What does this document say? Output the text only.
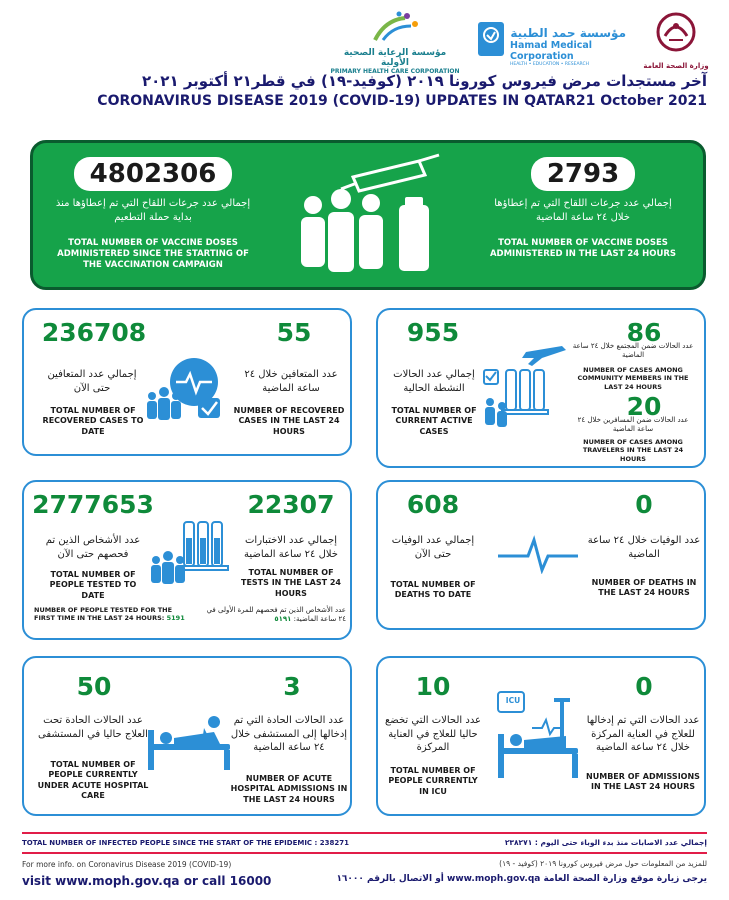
مؤسسة الرعاية الصحية الأولية
PRIMARY HEALTH CARE CORPORATION
مؤسسة حمد الطبية
Hamad Medical Corporation
HEALTH • EDUCATION • RESEARCH	وزارة الصحة العامة
آخر مستجدات مرض فيروس كورونا ٢٠١٩ (كوفيد-١٩) في قطر٢١ أكتوبر ٢٠٢١
CORONAVIRUS DISEASE 2019 (COVID-19) UPDATES IN QATAR21 October 2021
4802306
إجمالي عدد جرعات اللقاح التي تم إعطاؤها منذ بداية حملة التطعيم
TOTAL NUMBER OF VACCINE DOSES ADMINISTERED SINCE THE STARTING OF THE VACCINATION CAMPAIGN
2793
إجمالي عدد جرعات اللقاح التي تم إعطاؤها خلال ٢٤ ساعة الماضية
TOTAL NUMBER OF VACCINE DOSES ADMINISTERED IN THE LAST 24 HOURS
236708
إجمالي عدد المتعافين حتى الآن
TOTAL NUMBER OF RECOVERED CASES TO DATE
55
عدد المتعافين خلال ٢٤ ساعة الماضية
NUMBER OF RECOVERED CASES IN THE LAST 24 HOURS
955
إجمالي عدد الحالات النشطة الحالية
TOTAL NUMBER OF CURRENT ACTIVE CASES
86
عدد الحالات ضمن المجتمع خلال ٢٤ ساعة الماضية
NUMBER OF CASES AMONG COMMUNITY MEMBERS IN THE LAST 24 HOURS
20
عدد الحالات ضمن المسافرين خلال ٢٤ ساعة الماضية
NUMBER OF CASES AMONG TRAVELERS IN THE LAST 24 HOURS
2777653
عدد الأشخاص الذين تم فحصهم حتى الآن
TOTAL NUMBER OF PEOPLE TESTED TO DATE
22307
إجمالي عدد الاختبارات خلال ٢٤ ساعة الماضية
TOTAL NUMBER OF TESTS IN THE LAST 24 HOURS
NUMBER OF PEOPLE TESTED FOR THE FIRST TIME IN THE LAST 24 HOURS: 5191
عدد الأشخاص الذين تم فحصهم للمرة الأولى في ٢٤ ساعة الماضية: ٥١٩١
608
إجمالي عدد الوفيات حتى الآن
TOTAL NUMBER OF DEATHS TO DATE
0
عدد الوفيات خلال ٢٤ ساعة الماضية
NUMBER OF DEATHS IN THE LAST 24 HOURS
50
عدد الحالات الحادة تحت العلاج حاليا في المستشفى
TOTAL NUMBER OF PEOPLE CURRENTLY UNDER ACUTE HOSPITAL CARE
3
عدد الحالات الحادة التي تم إدخالها إلى المستشفى خلال ٢٤ ساعة الماضية
NUMBER OF ACUTE HOSPITAL ADMISSIONS IN THE LAST 24 HOURS
10
عدد الحالات التي تخضع حاليا للعلاج في العناية المركزة
TOTAL NUMBER OF PEOPLE CURRENTLY IN ICU
ICU	0
عدد الحالات التي تم إدخالها للعلاج في العناية المركزة خلال ٢٤ ساعة الماضية
NUMBER OF ADMISSIONS IN THE LAST 24 HOURS
TOTAL NUMBER OF INFECTED PEOPLE SINCE THE START OF THE EPIDEMIC : 238271	إجمالي عدد الاصابات منذ بدء الوباء حتى اليوم : ٢٣٨٢٧١
For more info. on Coronavirus Disease 2019 (COVID-19)	للمزيد من المعلومات حول مرض فيروس كورونا ٢٠١٩ (كوفيد - ١٩)
visit www.moph.gov.qa or call 16000	يرجى زيارة موقع وزارة الصحة العامة www.moph.gov.qa أو الاتصال بالرقم ١٦٠٠٠
